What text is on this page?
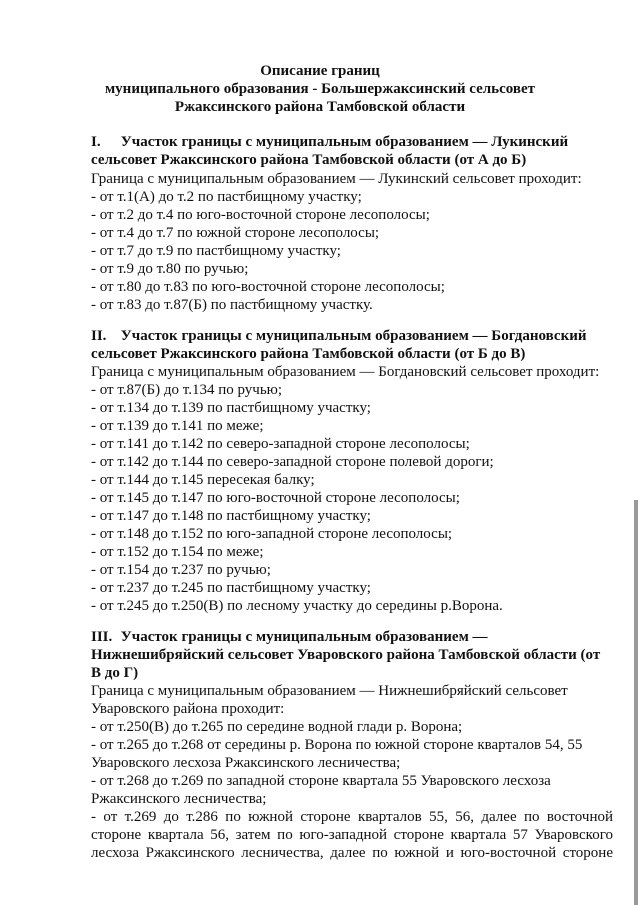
Описание границ
муниципального образования - Большержаксинский сельсовет
Ржаксинского района Тамбовской области
I. Участок границы с муниципальным образованием — Лукинский
сельсовет Ржаксинского района Тамбовской области (от А до Б)
Граница с муниципальным образованием — Лукинский сельсовет проходит:
- от т.1(А) до т.2 по пастбищному участку;
- от т.2 до т.4 по юго-восточной стороне лесополосы;
- от т.4 до т.7 по южной стороне лесополосы;
- от т.7 до т.9 по пастбищному участку;
- от т.9 до т.80 по ручью;
- от т.80 до т.83 по юго-восточной стороне лесополосы;
- от т.83 до т.87(Б) по пастбищному участку.
II. Участок границы с муниципальным образованием — Богдановский
сельсовет Ржаксинского района Тамбовской области (от Б до В)
Граница с муниципальным образованием — Богдановский сельсовет проходит:
- от т.87(Б) до т.134 по ручью;
- от т.134 до т.139 по пастбищному участку;
- от т.139 до т.141 по меже;
- от т.141 до т.142 по северо-западной стороне лесополосы;
- от т.142 до т.144 по северо-западной стороне полевой дороги;
- от т.144 до т.145 пересекая балку;
- от т.145 до т.147 по юго-восточной стороне лесополосы;
- от т.147 до т.148 по пастбищному участку;
- от т.148 до т.152 по юго-западной стороне лесополосы;
- от т.152 до т.154 по меже;
- от т.154 до т.237 по ручью;
- от т.237 до т.245 по пастбищному участку;
- от т.245 до т.250(В) по лесному участку до середины р.Ворона.
III. Участок границы с муниципальным образованием —
Нижнешибряйский сельсовет Уваровского района Тамбовской области (от
В до Г)
Граница с муниципальным образованием — Нижнешибряйский сельсовет
Уваровского района проходит:
- от т.250(В) до т.265 по середине водной глади р. Ворона;
- от т.265 до т.268 от середины р. Ворона по южной стороне кварталов 54, 55
Уваровского лесхоза Ржаксинского лесничества;
- от т.268 до т.269 по западной стороне квартала 55 Уваровского лесхоза
Ржаксинского лесничества;
- от т.269 до т.286 по южной стороне кварталов 55, 56, далее по восточной
стороне квартала 56, затем по юго-западной стороне квартала 57 Уваровского
лесхоза Ржаксинского лесничества, далее по южной и юго-восточной стороне
